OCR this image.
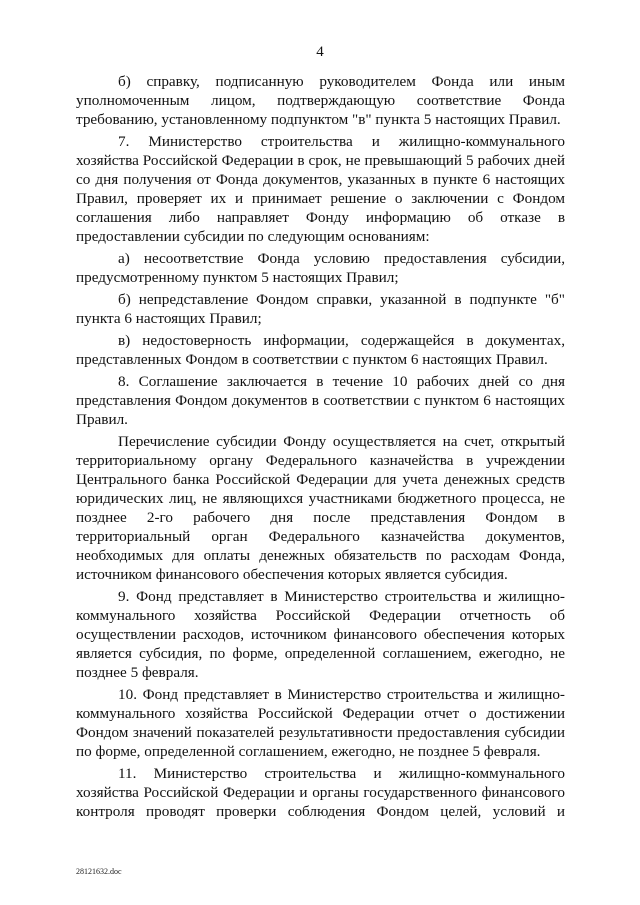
4

б) справку, подписанную руководителем Фонда или иным уполномоченным лицом, подтверждающую соответствие Фонда требованию, установленному подпунктом "в" пункта 5 настоящих Правил.

7. Министерство строительства и жилищно-коммунального хозяйства Российской Федерации в срок, не превышающий 5 рабочих дней со дня получения от Фонда документов, указанных в пункте 6 настоящих Правил, проверяет их и принимает решение о заключении с Фондом соглашения либо направляет Фонду информацию об отказе в предоставлении субсидии по следующим основаниям:

а) несоответствие Фонда условию предоставления субсидии, предусмотренному пунктом 5 настоящих Правил;

б) непредставление Фондом справки, указанной в подпункте "б" пункта 6 настоящих Правил;

в) недостоверность информации, содержащейся в документах, представленных Фондом в соответствии с пунктом 6 настоящих Правил.

8. Соглашение заключается в течение 10 рабочих дней со дня представления Фондом документов в соответствии с пунктом 6 настоящих Правил.

Перечисление субсидии Фонду осуществляется на счет, открытый территориальному органу Федерального казначейства в учреждении Центрального банка Российской Федерации для учета денежных средств юридических лиц, не являющихся участниками бюджетного процесса, не позднее 2-го рабочего дня после представления Фондом в территориальный орган Федерального казначейства документов, необходимых для оплаты денежных обязательств по расходам Фонда, источником финансового обеспечения которых является субсидия.

9. Фонд представляет в Министерство строительства и жилищно-коммунального хозяйства Российской Федерации отчетность об осуществлении расходов, источником финансового обеспечения которых является субсидия, по форме, определенной соглашением, ежегодно, не позднее 5 февраля.

10. Фонд представляет в Министерство строительства и жилищно-коммунального хозяйства Российской Федерации отчет о достижении Фондом значений показателей результативности предоставления субсидии по форме, определенной соглашением, ежегодно, не позднее 5 февраля.

11. Министерство строительства и жилищно-коммунального хозяйства Российской Федерации и органы государственного финансового контроля проводят проверки соблюдения Фондом целей, условий и

28121632.doc
